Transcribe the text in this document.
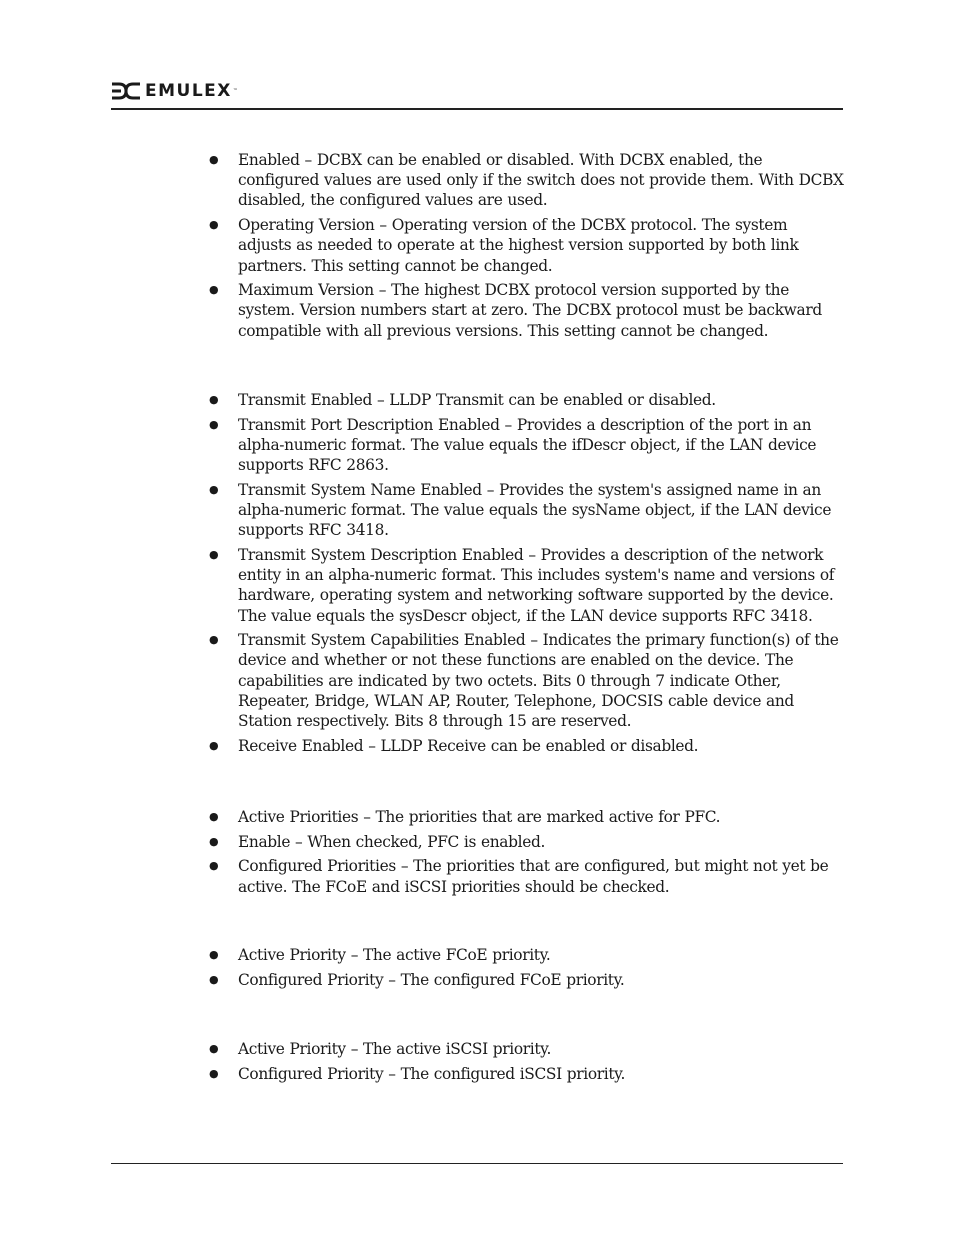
EMULEX ™
● Enabled – DCBX can be enabled or disabled. With DCBX enabled, the configured values are used only if the switch does not provide them. With DCBX disabled, the configured values are used.
● Operating Version – Operating version of the DCBX protocol. The system adjusts as needed to operate at the highest version supported by both link partners. This setting cannot be changed.
● Maximum Version – The highest DCBX protocol version supported by the system. Version numbers start at zero. The DCBX protocol must be backward compatible with all previous versions. This setting cannot be changed.
● Transmit Enabled – LLDP Transmit can be enabled or disabled.
● Transmit Port Description Enabled – Provides a description of the port in an alpha-numeric format. The value equals the ifDescr object, if the LAN device supports RFC 2863.
● Transmit System Name Enabled – Provides the system's assigned name in an alpha-numeric format. The value equals the sysName object, if the LAN device supports RFC 3418.
● Transmit System Description Enabled – Provides a description of the network entity in an alpha-numeric format. This includes system's name and versions of hardware, operating system and networking software supported by the device. The value equals the sysDescr object, if the LAN device supports RFC 3418.
● Transmit System Capabilities Enabled – Indicates the primary function(s) of the device and whether or not these functions are enabled on the device. The capabilities are indicated by two octets. Bits 0 through 7 indicate Other, Repeater, Bridge, WLAN AP, Router, Telephone, DOCSIS cable device and Station respectively. Bits 8 through 15 are reserved.
● Receive Enabled – LLDP Receive can be enabled or disabled.
● Active Priorities – The priorities that are marked active for PFC.
● Enable – When checked, PFC is enabled.
● Configured Priorities – The priorities that are configured, but might not yet be active. The FCoE and iSCSI priorities should be checked.
● Active Priority – The active FCoE priority.
● Configured Priority – The configured FCoE priority.
● Active Priority – The active iSCSI priority.
● Configured Priority – The configured iSCSI priority.
